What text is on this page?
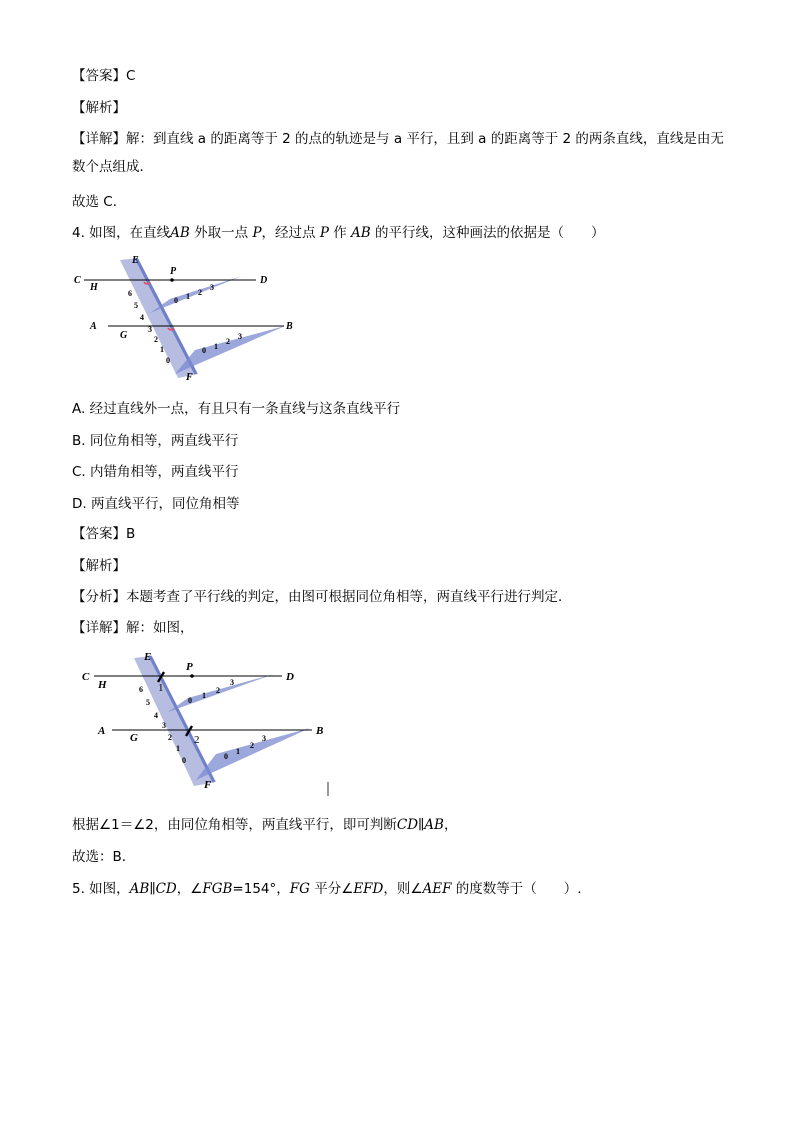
【答案】C
【解析】
【详解】解：到直线 a 的距离等于 2 的点的轨迹是与 a 平行，且到 a 的距离等于 2 的两条直线，直线是由无数个点组成．
故选 C．
4. 如图，在直线AB 外取一点 P，经过点 P 作 AB 的平行线，这种画法的依据是（　　）
C
H
E
P
D
A
G
B
F
6
5
4
3
2
1
0
0 1 2
3
0 1
2
3
A. 经过直线外一点，有且只有一条直线与这条直线平行
B. 同位角相等，两直线平行
C. 内错角相等，两直线平行
D. 两直线平行，同位角相等
【答案】B
【解析】
【分析】本题考查了平行线的判定，由图可根据同位角相等，两直线平行进行判定．
【详解】解：如图，
C
H
E
P
D
A
G
B
F
1
2
6
5
4
3
2
1
0
0
1
2
3
0
1
2
3
根据∠1＝∠2，由同位角相等，两直线平行，即可判断CD∥AB，
故选：B．
5. 如图，AB∥CD，∠FGB=154°，FG 平分∠EFD，则∠AEF 的度数等于（　　）.
